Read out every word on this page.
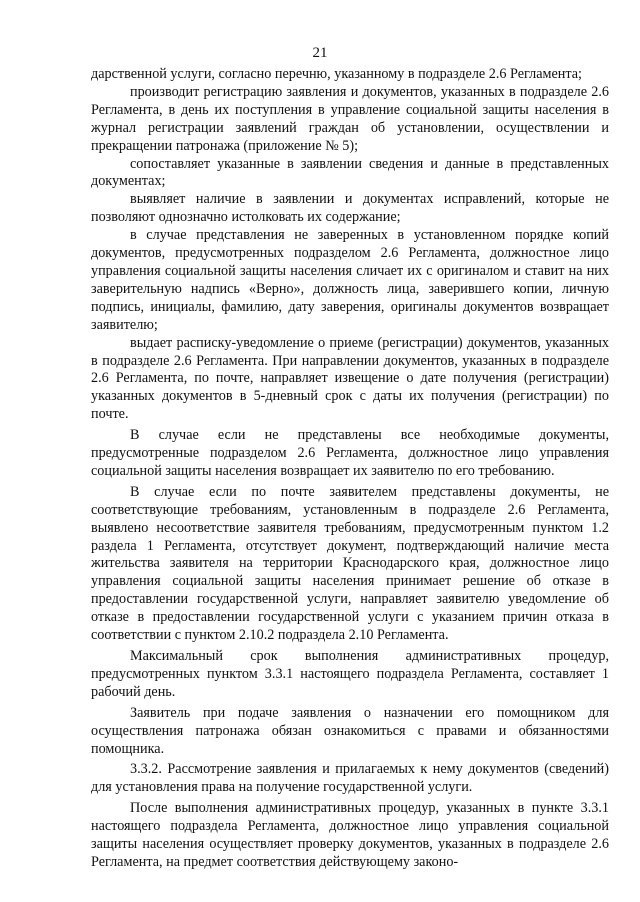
21

дарственной услуги, согласно перечню, указанному в подразделе 2.6 Регламента;

производит регистрацию заявления и документов, указанных в подразделе 2.6 Регламента, в день их поступления в управление социальной защиты населения в журнал регистрации заявлений граждан об установлении, осуществлении и прекращении патронажа (приложение № 5);

сопоставляет указанные в заявлении сведения и данные в представленных документах;

выявляет наличие в заявлении и документах исправлений, которые не позволяют однозначно истолковать их содержание;

в случае представления не заверенных в установленном порядке копий документов, предусмотренных подразделом 2.6 Регламента, должностное лицо управления социальной защиты населения сличает их с оригиналом и ставит на них заверительную надпись «Верно», должность лица, заверившего копии, личную подпись, инициалы, фамилию, дату заверения, оригиналы документов возвращает заявителю;

выдает расписку-уведомление о приеме (регистрации) документов, указанных в подразделе 2.6 Регламента. При направлении документов, указанных в подразделе 2.6 Регламента, по почте, направляет извещение о дате получения (регистрации) указанных документов в 5-дневный срок с даты их получения (регистрации) по почте.

В случае если не представлены все необходимые документы, предусмотренные подразделом 2.6 Регламента, должностное лицо управления социальной защиты населения возвращает их заявителю по его требованию.

В случае если по почте заявителем представлены документы, не соответствующие требованиям, установленным в подразделе 2.6 Регламента, выявлено несоответствие заявителя требованиям, предусмотренным пунктом 1.2 раздела 1 Регламента, отсутствует документ, подтверждающий наличие места жительства заявителя на территории Краснодарского края, должностное лицо управления социальной защиты населения принимает решение об отказе в предоставлении государственной услуги, направляет заявителю уведомление об отказе в предоставлении государственной услуги с указанием причин отказа в соответствии с пунктом 2.10.2 подраздела 2.10 Регламента.

Максимальный срок выполнения административных процедур, предусмотренных пунктом 3.3.1 настоящего подраздела Регламента, составляет 1 рабочий день.

Заявитель при подаче заявления о назначении его помощником для осуществления патронажа обязан ознакомиться с правами и обязанностями помощника.

3.3.2. Рассмотрение заявления и прилагаемых к нему документов (сведений) для установления права на получение государственной услуги.

После выполнения административных процедур, указанных в пункте 3.3.1 настоящего подраздела Регламента, должностное лицо управления социальной защиты населения осуществляет проверку документов, указанных в подразделе 2.6 Регламента, на предмет соответствия действующему законо-
